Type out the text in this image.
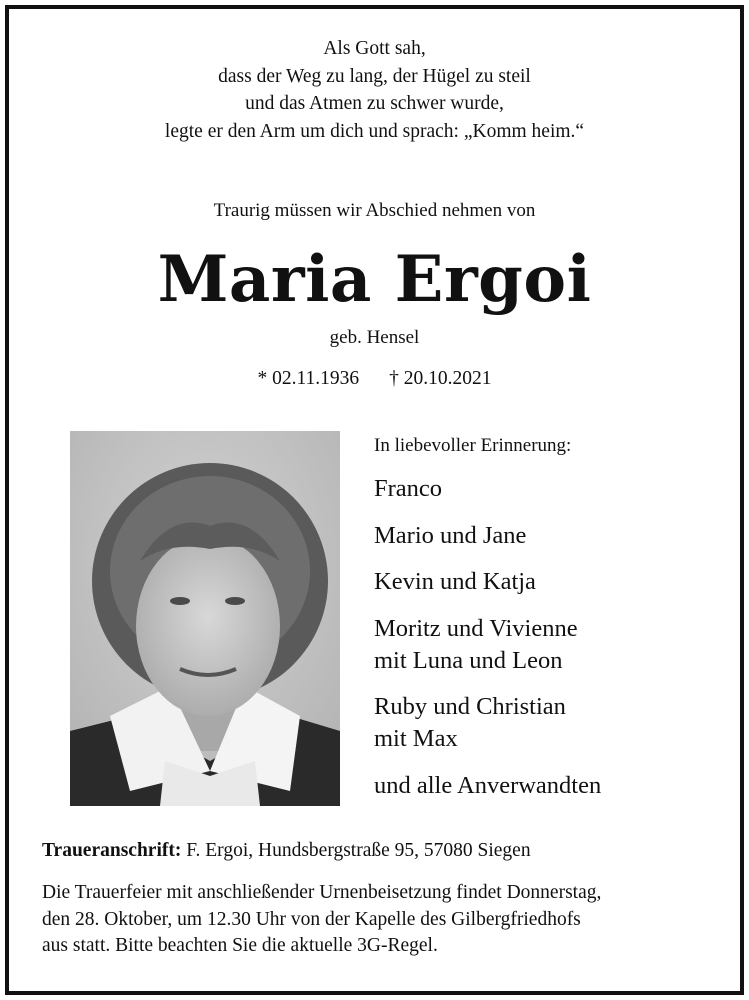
Als Gott sah,
dass der Weg zu lang, der Hügel zu steil
und das Atmen zu schwer wurde,
legte er den Arm um dich und sprach: „Komm heim.“
Traurig müssen wir Abschied nehmen von
Maria Ergoi
geb. Hensel
* 02.11.1936 † 20.10.2021
In liebevoller Erinnerung:
Franco
Mario und Jane
Kevin und Katja
Moritz und Vivienne
mit Luna und Leon
Ruby und Christian
mit Max
und alle Anverwandten
Traueranschrift: F. Ergoi, Hundsbergstraße 95, 57080 Siegen
Die Trauerfeier mit anschließender Urnenbeisetzung findet Donnerstag,
den 28. Oktober, um 12.30 Uhr von der Kapelle des Gilbergfriedhofs
aus statt. Bitte beachten Sie die aktuelle 3G-Regel.
